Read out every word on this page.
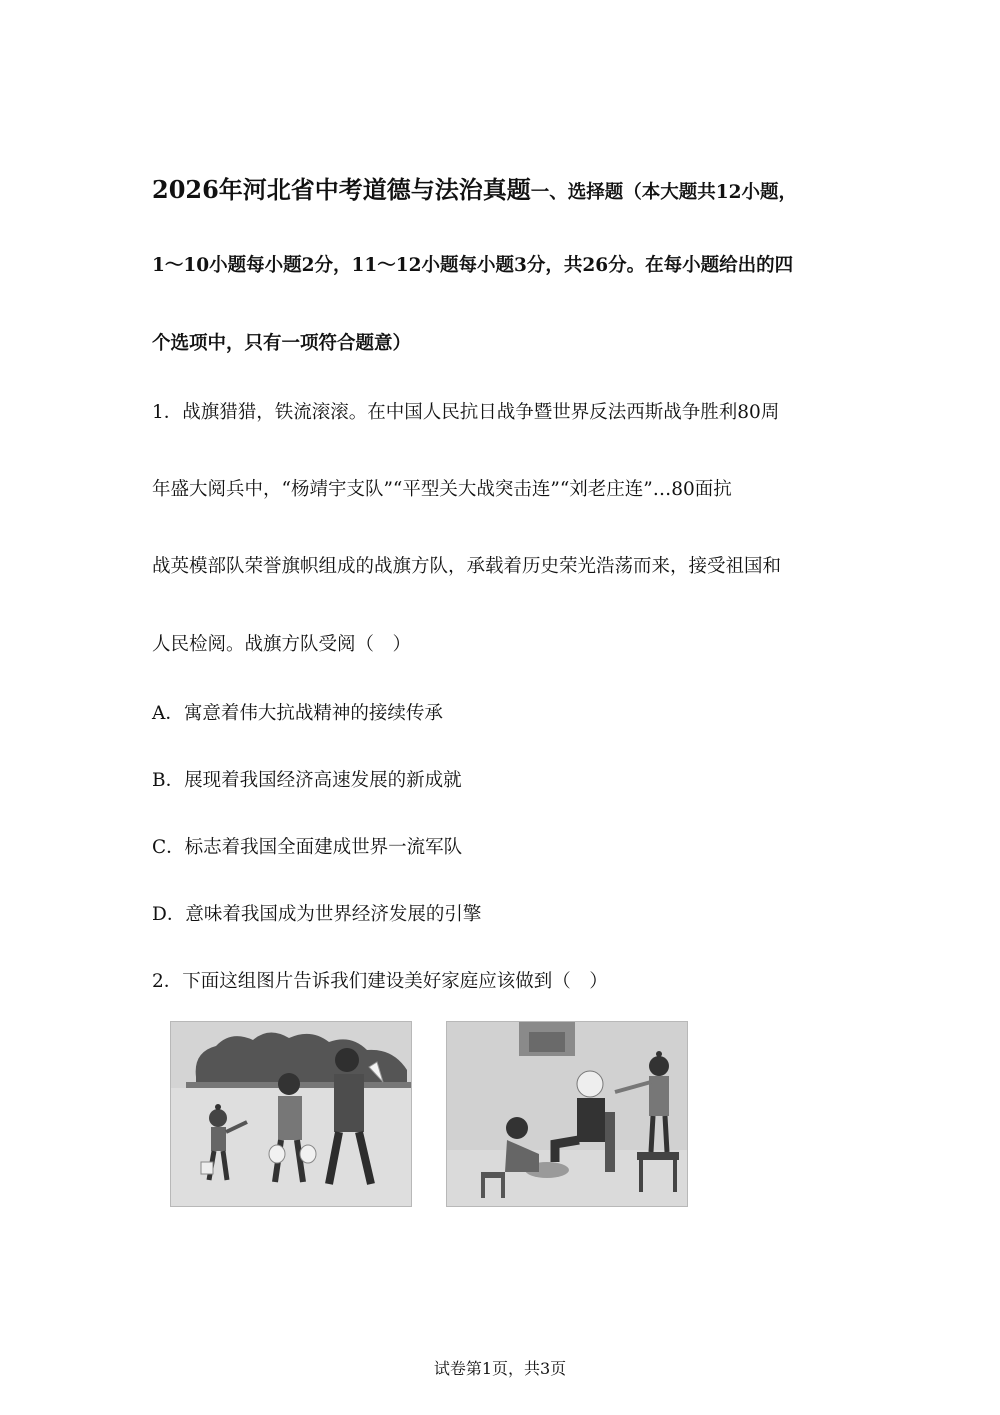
2026年河北省中考道德与法治真题一、选择题（本大题共12小题，
1～10小题每小题2分，11～12小题每小题3分，共26分。在每小题给出的四
个选项中，只有一项符合题意）
1．战旗猎猎，铁流滚滚。在中国人民抗日战争暨世界反法西斯战争胜利80周
年盛大阅兵中，“杨靖宇支队”“平型关大战突击连”“刘老庄连”…80面抗
战英模部队荣誉旗帜组成的战旗方队，承载着历史荣光浩荡而来，接受祖国和
人民检阅。战旗方队受阅（　）
A．寓意着伟大抗战精神的接续传承
B．展现着我国经济高速发展的新成就
C．标志着我国全面建成世界一流军队
D．意味着我国成为世界经济发展的引擎
2．下面这组图片告诉我们建设美好家庭应该做到（　）
试卷第1页，共3页
